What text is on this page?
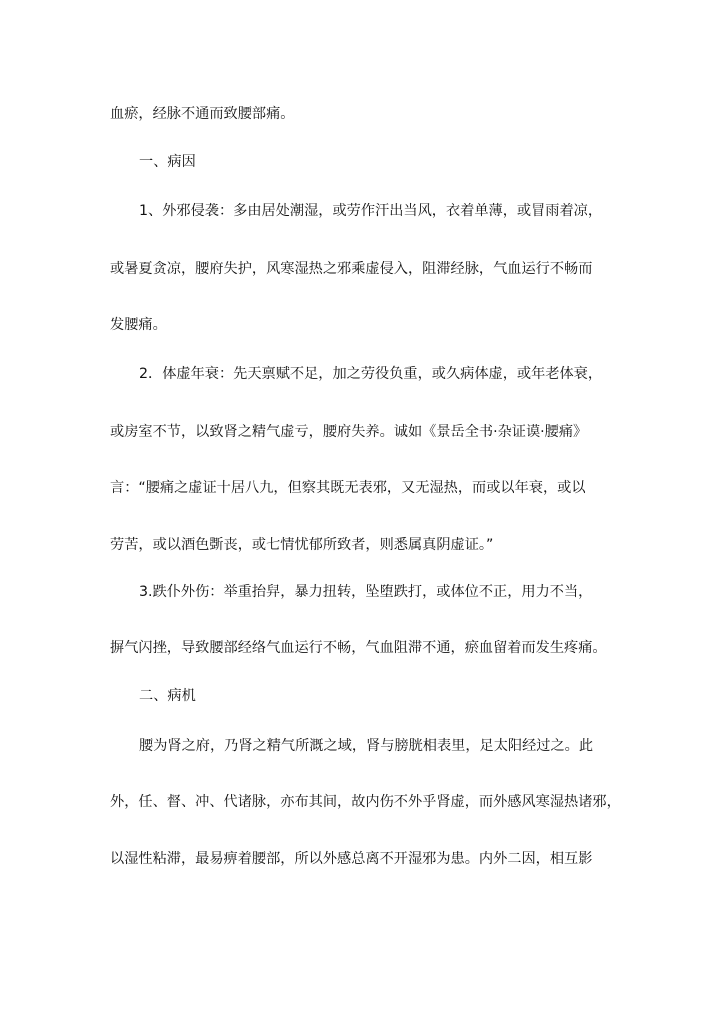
血瘀，经脉不通而致腰部痛。
一、病因
1、外邪侵袭：多由居处潮湿，或劳作汗出当风，衣着单薄，或冒雨着凉，
或暑夏贪凉，腰府失护，风寒湿热之邪乘虚侵入，阻滞经脉，气血运行不畅而
发腰痛。
2．体虚年衰：先天禀赋不足，加之劳役负重，或久病体虚，或年老体衰，
或房室不节，以致肾之精气虚亏，腰府失养。诚如《景岳全书·杂证谟·腰痛》
言：“腰痛之虚证十居八九，但察其既无表邪，又无湿热，而或以年衰，或以
劳苦，或以酒色斲丧，或七情忧郁所致者，则悉属真阴虚证。”
3.跌仆外伤：举重抬舁，暴力扭转，坠堕跌打，或体位不正，用力不当，
摒气闪挫，导致腰部经络气血运行不畅，气血阻滞不通，瘀血留着而发生疼痛。
二、病机
腰为肾之府，乃肾之精气所溉之域，肾与膀胱相表里，足太阳经过之。此
外，任、督、冲、代诸脉，亦布其间，故内伤不外乎肾虚，而外感风寒湿热诸邪，
以湿性粘滞，最易痹着腰部，所以外感总离不开湿邪为患。内外二因，相互影
